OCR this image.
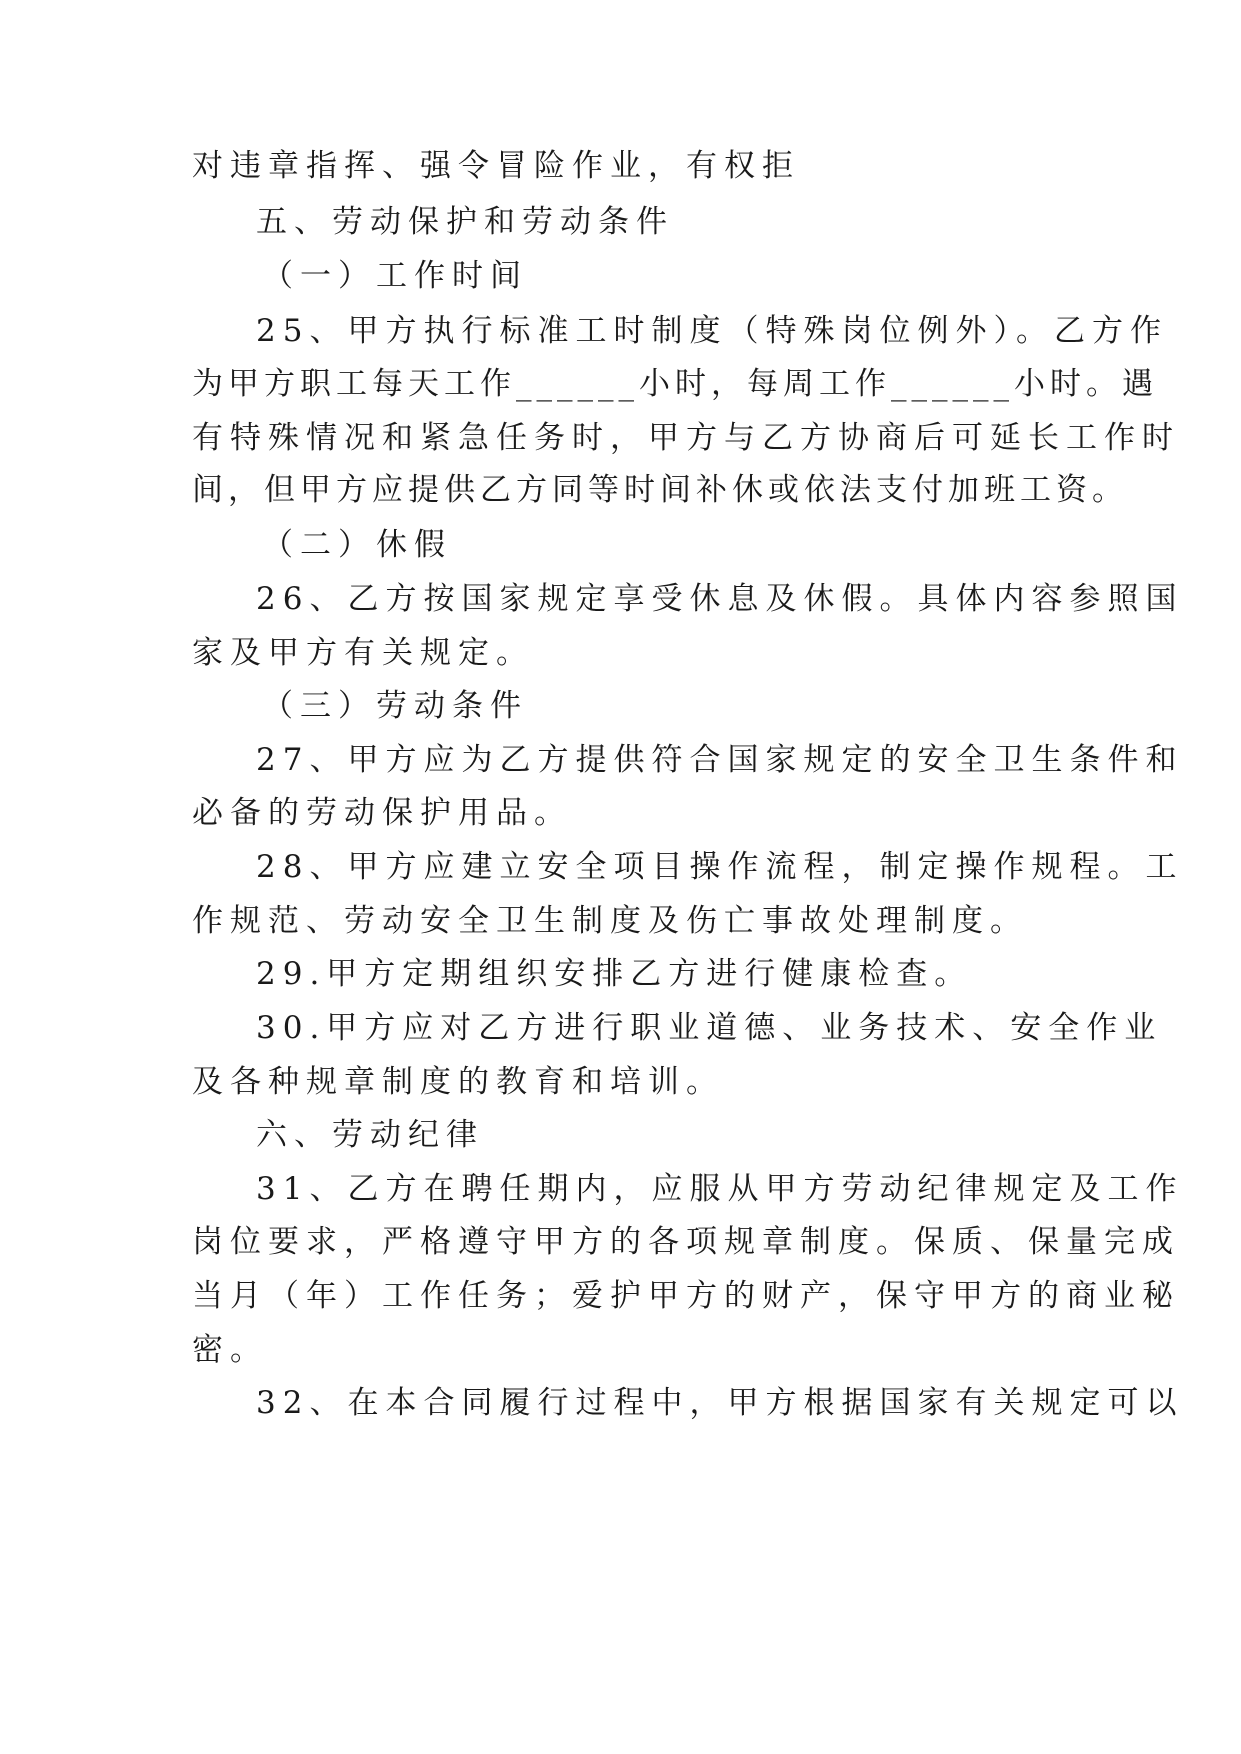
对违章指挥、强令冒险作业，有权拒
五、劳动保护和劳动条件
（一）工作时间
25、甲方执行标准工时制度（特殊岗位例外）。乙方作
为甲方职工每天工作______小时，每周工作______小时。遇
有特殊情况和紧急任务时，甲方与乙方协商后可延长工作时
间，但甲方应提供乙方同等时间补休或依法支付加班工资。
（二）休假
26、乙方按国家规定享受休息及休假。具体内容参照国
家及甲方有关规定。
（三）劳动条件
27、甲方应为乙方提供符合国家规定的安全卫生条件和
必备的劳动保护用品。
28、甲方应建立安全项目操作流程，制定操作规程。工
作规范、劳动安全卫生制度及伤亡事故处理制度。
29.甲方定期组织安排乙方进行健康检查。
30.甲方应对乙方进行职业道德、业务技术、安全作业
及各种规章制度的教育和培训。
六、劳动纪律
31、乙方在聘任期内，应服从甲方劳动纪律规定及工作
岗位要求，严格遵守甲方的各项规章制度。保质、保量完成
当月（年）工作任务；爱护甲方的财产，保守甲方的商业秘
密。
32、在本合同履行过程中，甲方根据国家有关规定可以
